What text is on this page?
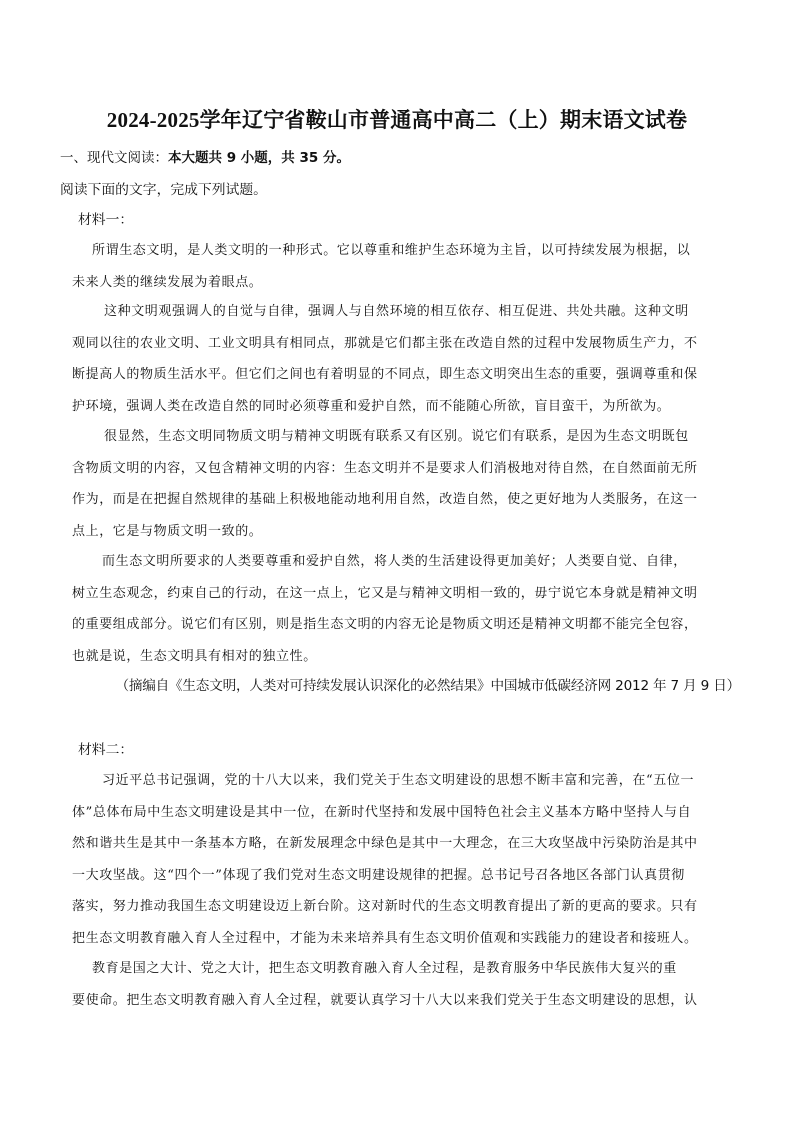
2024-2025学年辽宁省鞍山市普通高中高二（上）期末语文试卷
一、现代文阅读：本大题共 9 小题，共 35 分。
阅读下面的文字，完成下列试题。
材料一：
所谓生态文明，是人类文明的一种形式。它以尊重和维护生态环境为主旨，以可持续发展为根据，以
未来人类的继续发展为着眼点。
这种文明观强调人的自觉与自律，强调人与自然环境的相互依存、相互促进、共处共融。这种文明
观同以往的农业文明、工业文明具有相同点，那就是它们都主张在改造自然的过程中发展物质生产力，不
断提高人的物质生活水平。但它们之间也有着明显的不同点，即生态文明突出生态的重要，强调尊重和保
护环境，强调人类在改造自然的同时必须尊重和爱护自然，而不能随心所欲，盲目蛮干，为所欲为。
很显然，生态文明同物质文明与精神文明既有联系又有区别。说它们有联系，是因为生态文明既包
含物质文明的内容，又包含精神文明的内容：生态文明并不是要求人们消极地对待自然，在自然面前无所
作为，而是在把握自然规律的基础上积极地能动地利用自然，改造自然，使之更好地为人类服务，在这一
点上，它是与物质文明一致的。
而生态文明所要求的人类要尊重和爱护自然，将人类的生活建设得更加美好；人类要自觉、自律，
树立生态观念，约束自己的行动，在这一点上，它又是与精神文明相一致的，毋宁说它本身就是精神文明
的重要组成部分。说它们有区别，则是指生态文明的内容无论是物质文明还是精神文明都不能完全包容，
也就是说，生态文明具有相对的独立性。
（摘编自《生态文明，人类对可持续发展认识深化的必然结果》中国城市低碳经济网 2012 年 7 月 9 日）
材料二：
习近平总书记强调，党的十八大以来，我们党关于生态文明建设的思想不断丰富和完善，在“五位一
体”总体布局中生态文明建设是其中一位，在新时代坚持和发展中国特色社会主义基本方略中坚持人与自
然和谐共生是其中一条基本方略，在新发展理念中绿色是其中一大理念，在三大攻坚战中污染防治是其中
一大攻坚战。这“四个一”体现了我们党对生态文明建设规律的把握。总书记号召各地区各部门认真贯彻
落实，努力推动我国生态文明建设迈上新台阶。这对新时代的生态文明教育提出了新的更高的要求。只有
把生态文明教育融入育人全过程中，才能为未来培养具有生态文明价值观和实践能力的建设者和接班人。
教育是国之大计、党之大计，把生态文明教育融入育人全过程，是教育服务中华民族伟大复兴的重
要使命。把生态文明教育融入育人全过程，就要认真学习十八大以来我们党关于生态文明建设的思想，认
